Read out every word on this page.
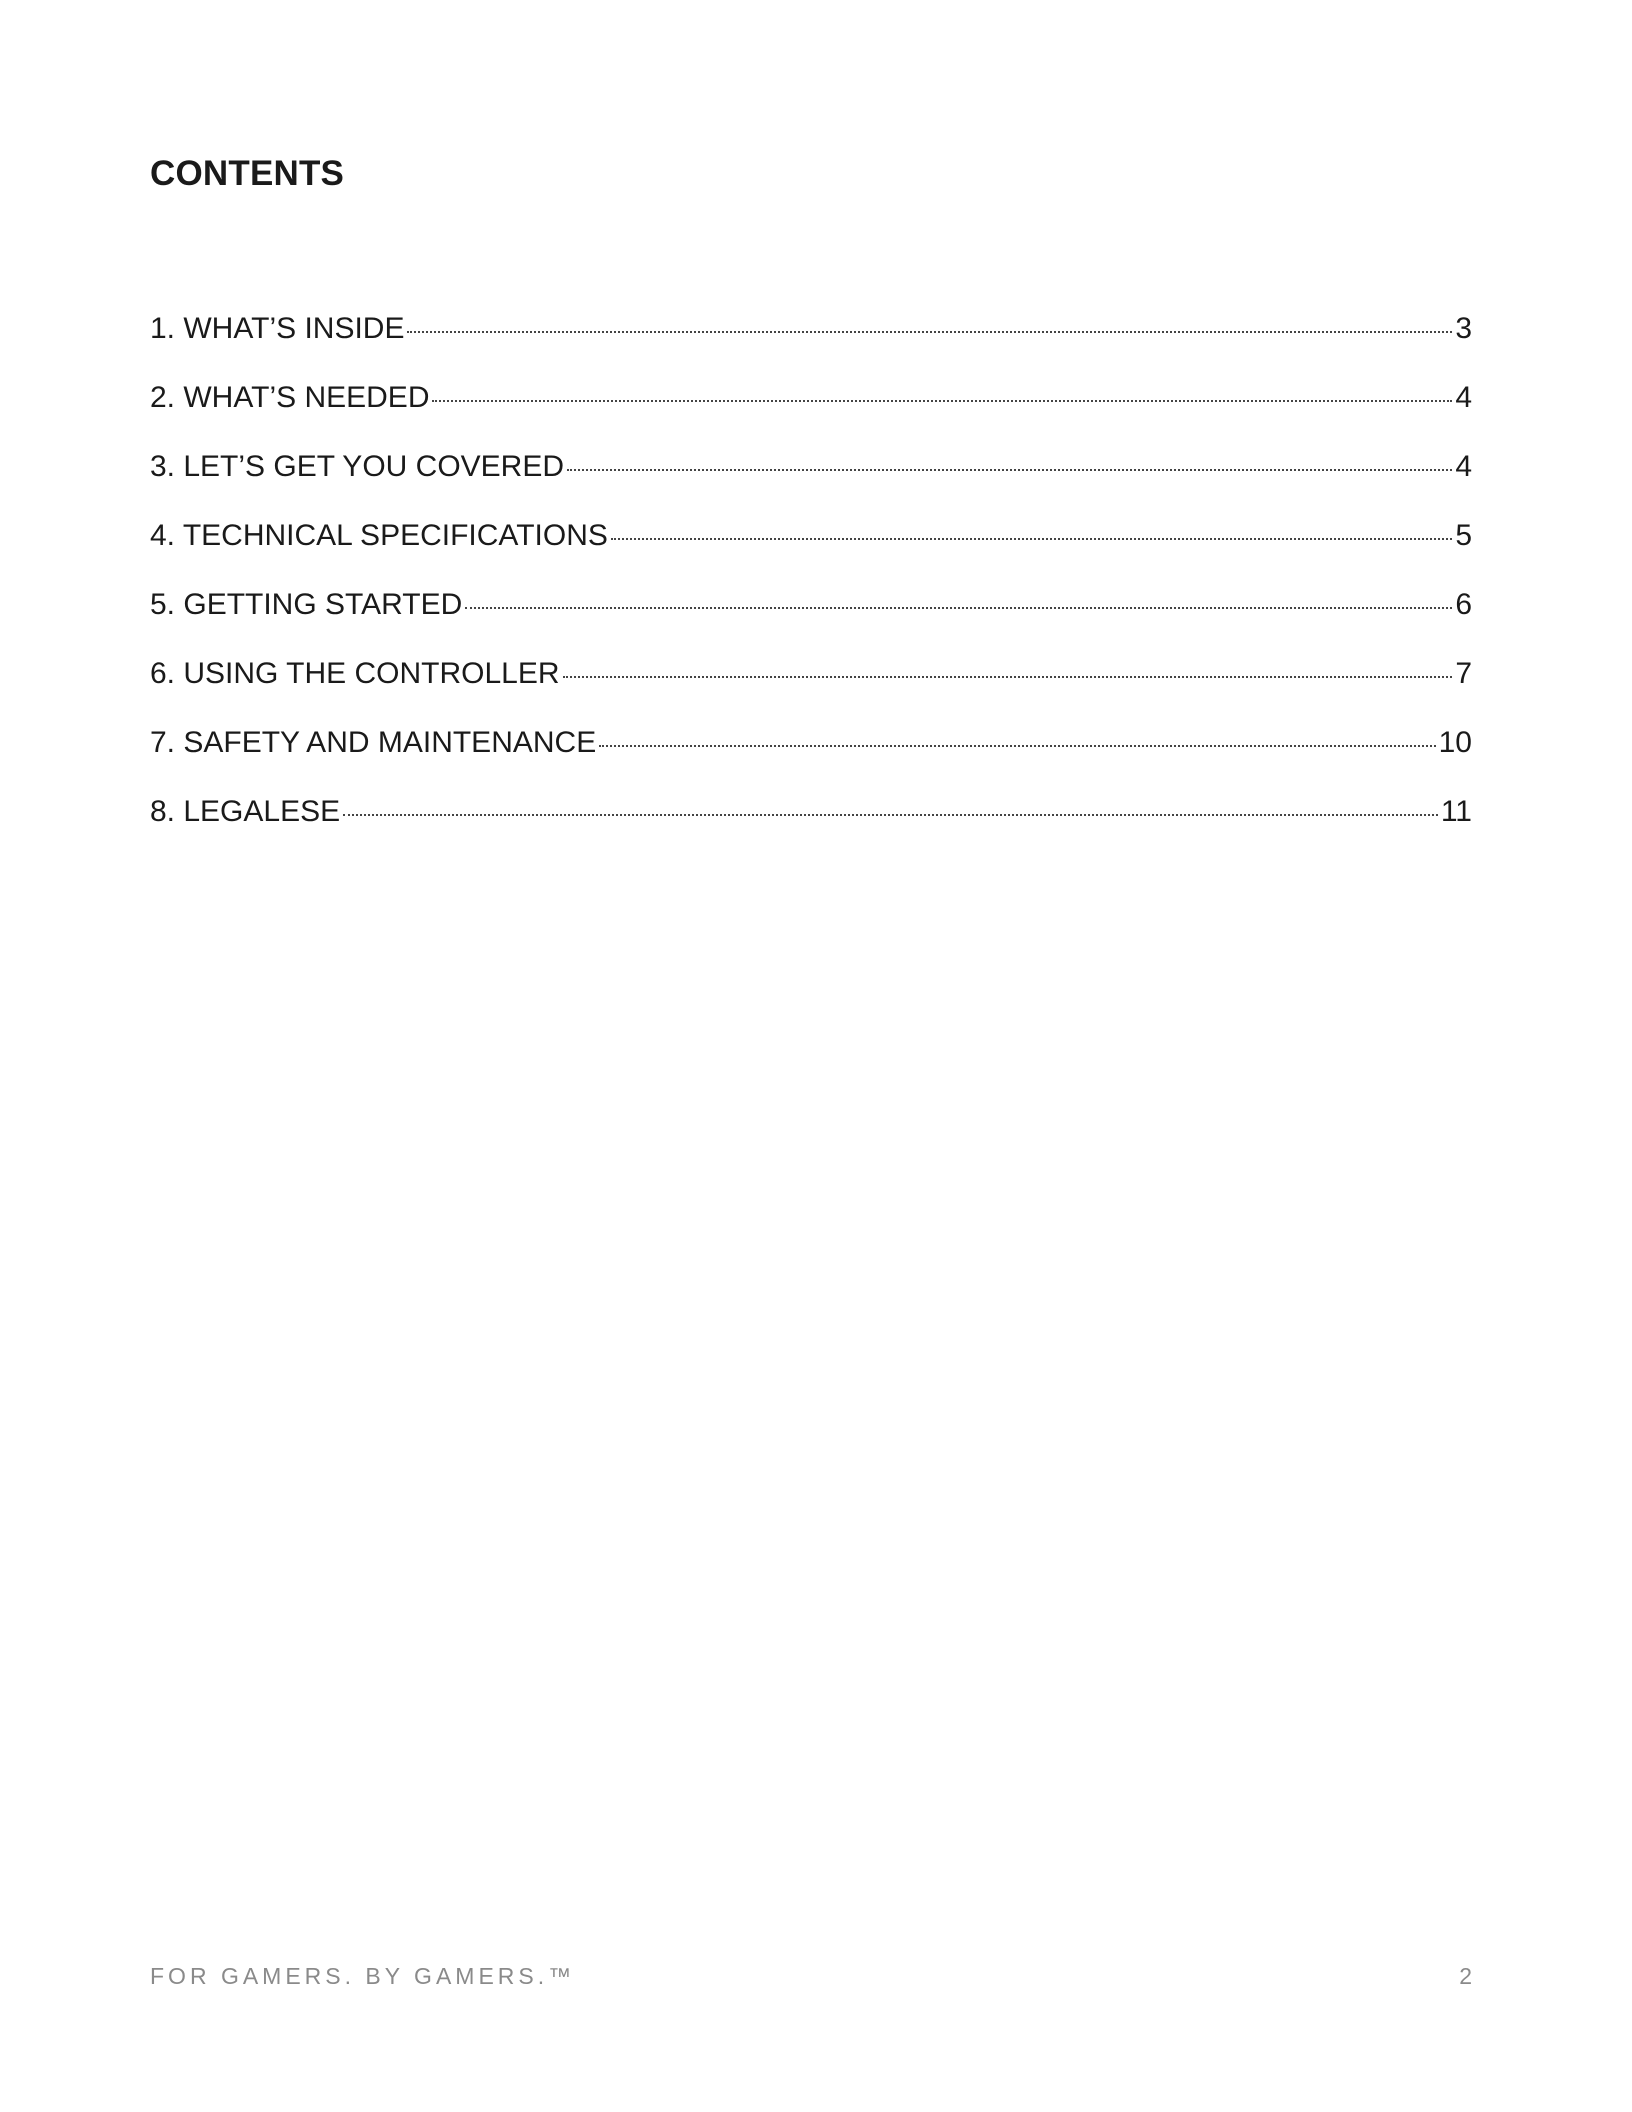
CONTENTS
1. WHAT’S INSIDE	3
2. WHAT’S NEEDED	4
3. LET’S GET YOU COVERED	4
4. TECHNICAL SPECIFICATIONS	5
5. GETTING STARTED	6
6. USING THE CONTROLLER	7
7. SAFETY AND MAINTENANCE	10
8. LEGALESE	11
FOR GAMERS. BY GAMERS.™	2
